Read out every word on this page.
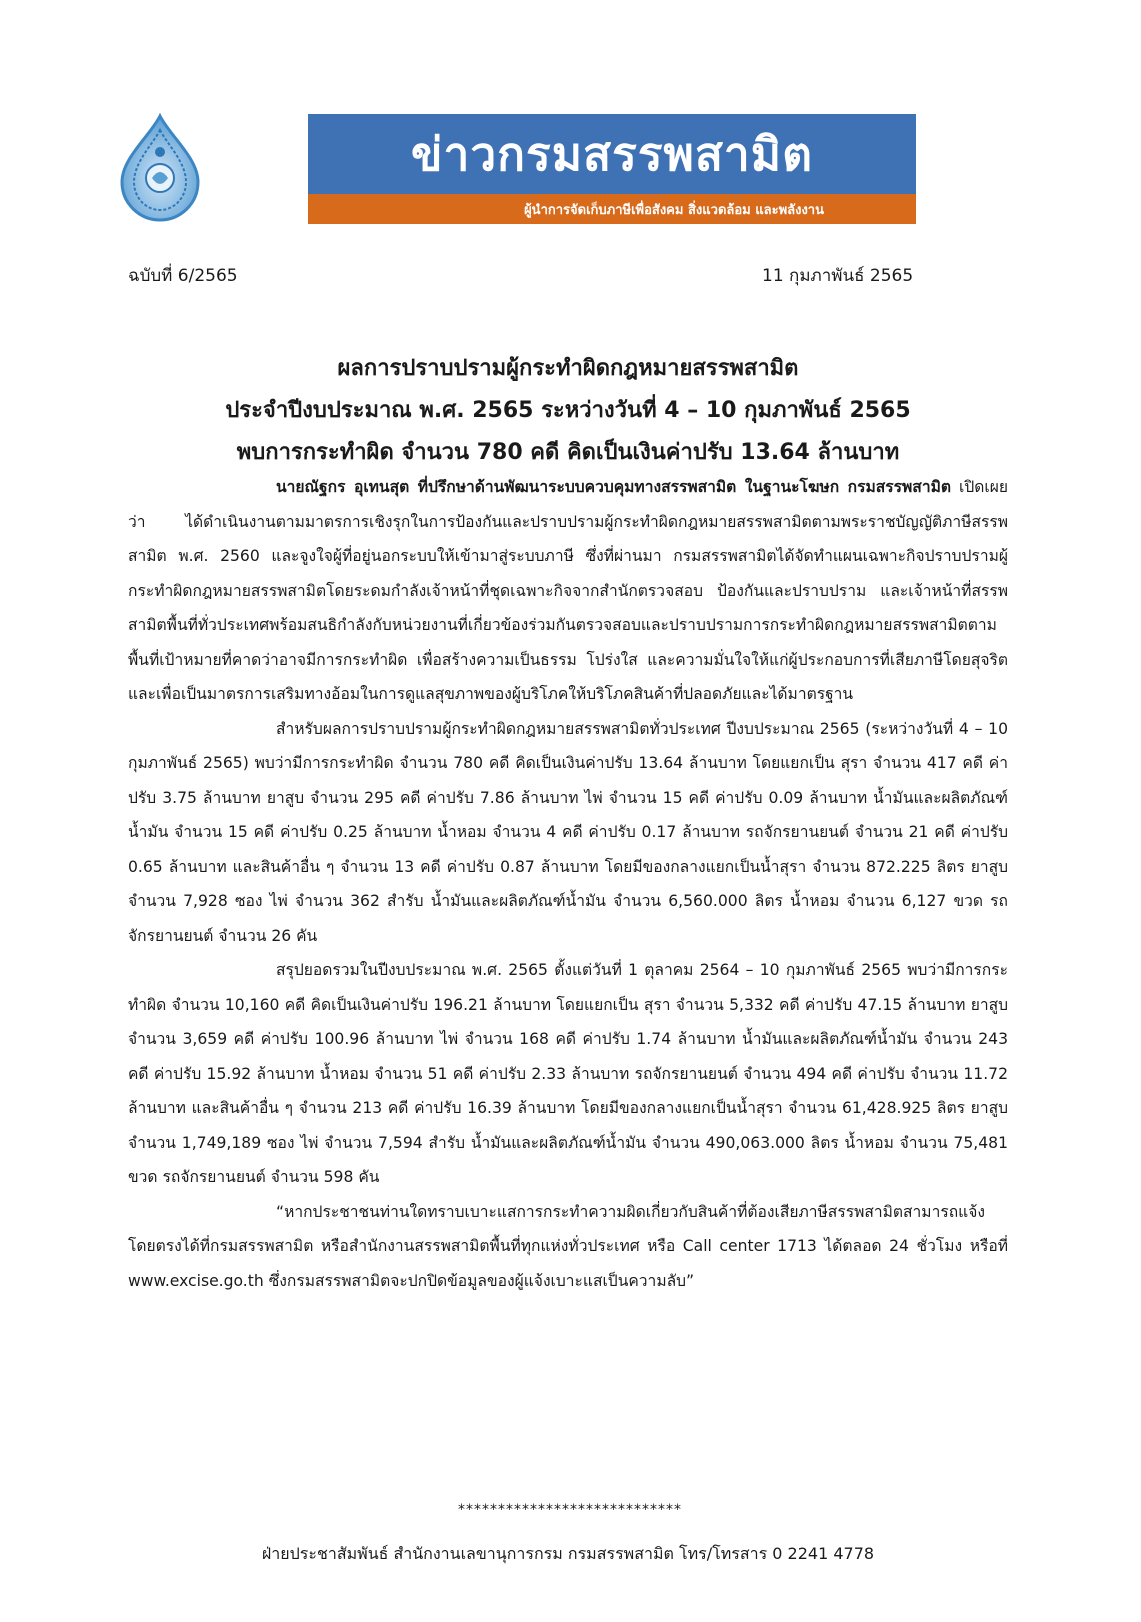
ข่าวกรมสรรพสามิต
ผู้นำการจัดเก็บภาษีเพื่อสังคม สิ่งแวดล้อม และพลังงาน
ฉบับที่ 6/2565	11 กุมภาพันธ์ 2565
ผลการปราบปรามผู้กระทำผิดกฎหมายสรรพสามิต
ประจำปีงบประมาณ พ.ศ. 2565 ระหว่างวันที่ 4 – 10 กุมภาพันธ์ 2565
พบการกระทำผิด จำนวน 780 คดี คิดเป็นเงินค่าปรับ 13.64 ล้านบาท

นายณัฐกร อุเทนสุต ที่ปรึกษาด้านพัฒนาระบบควบคุมทางสรรพสามิต ในฐานะโฆษก กรมสรรพสามิต เปิดเผยว่า ได้ดำเนินงานตามมาตรการเชิงรุกในการป้องกันและปราบปรามผู้กระทำผิดกฎหมายสรรพสามิตตามพระราชบัญญัติภาษีสรรพสามิต พ.ศ. 2560 และจูงใจผู้ที่อยู่นอกระบบให้เข้ามาสู่ระบบภาษี ซึ่งที่ผ่านมา กรมสรรพสามิตได้จัดทำแผนเฉพาะกิจปราบปรามผู้กระทำผิดกฎหมายสรรพสามิตโดยระดมกำลังเจ้าหน้าที่ชุดเฉพาะกิจจากสำนักตรวจสอบ ป้องกันและปราบปราม และเจ้าหน้าที่สรรพสามิตพื้นที่ทั่วประเทศพร้อมสนธิกำลังกับหน่วยงานที่เกี่ยวข้องร่วมกันตรวจสอบและปราบปรามการกระทำผิดกฎหมายสรรพสามิตตามพื้นที่เป้าหมายที่คาดว่าอาจมีการกระทำผิด เพื่อสร้างความเป็นธรรม โปร่งใส และความมั่นใจให้แก่ผู้ประกอบการที่เสียภาษีโดยสุจริต และเพื่อเป็นมาตรการเสริมทางอ้อมในการดูแลสุขภาพของผู้บริโภคให้บริโภคสินค้าที่ปลอดภัยและได้มาตรฐาน

สำหรับผลการปราบปรามผู้กระทำผิดกฎหมายสรรพสามิตทั่วประเทศ ปีงบประมาณ 2565 (ระหว่างวันที่ 4 – 10 กุมภาพันธ์ 2565) พบว่ามีการกระทำผิด จำนวน 780 คดี คิดเป็นเงินค่าปรับ 13.64 ล้านบาท โดยแยกเป็น สุรา จำนวน 417 คดี ค่าปรับ 3.75 ล้านบาท ยาสูบ จำนวน 295 คดี ค่าปรับ 7.86 ล้านบาท ไพ่ จำนวน 15 คดี ค่าปรับ 0.09 ล้านบาท น้ำมันและผลิตภัณฑ์น้ำมัน จำนวน 15 คดี ค่าปรับ 0.25 ล้านบาท น้ำหอม จำนวน 4 คดี ค่าปรับ 0.17 ล้านบาท รถจักรยานยนต์ จำนวน 21 คดี ค่าปรับ 0.65 ล้านบาท และสินค้าอื่น ๆ จำนวน 13 คดี ค่าปรับ 0.87 ล้านบาท โดยมีของกลางแยกเป็นน้ำสุรา จำนวน 872.225 ลิตร ยาสูบ จำนวน 7,928 ซอง ไพ่ จำนวน 362 สำรับ น้ำมันและผลิตภัณฑ์น้ำมัน จำนวน 6,560.000 ลิตร น้ำหอม จำนวน 6,127 ขวด รถจักรยานยนต์ จำนวน 26 คัน

สรุปยอดรวมในปีงบประมาณ พ.ศ. 2565 ตั้งแต่วันที่ 1 ตุลาคม 2564 – 10 กุมภาพันธ์ 2565 พบว่ามีการกระทำผิด จำนวน 10,160 คดี คิดเป็นเงินค่าปรับ 196.21 ล้านบาท โดยแยกเป็น สุรา จำนวน 5,332 คดี ค่าปรับ 47.15 ล้านบาท ยาสูบ จำนวน 3,659 คดี ค่าปรับ 100.96 ล้านบาท ไพ่ จำนวน 168 คดี ค่าปรับ 1.74 ล้านบาท น้ำมันและผลิตภัณฑ์น้ำมัน จำนวน 243 คดี ค่าปรับ 15.92 ล้านบาท น้ำหอม จำนวน 51 คดี ค่าปรับ 2.33 ล้านบาท รถจักรยานยนต์ จำนวน 494 คดี ค่าปรับ จำนวน 11.72 ล้านบาท และสินค้าอื่น ๆ จำนวน 213 คดี ค่าปรับ 16.39 ล้านบาท โดยมีของกลางแยกเป็นน้ำสุรา จำนวน 61,428.925 ลิตร ยาสูบ จำนวน 1,749,189 ซอง ไพ่ จำนวน 7,594 สำรับ น้ำมันและผลิตภัณฑ์น้ำมัน จำนวน 490,063.000 ลิตร น้ำหอม จำนวน 75,481 ขวด รถจักรยานยนต์ จำนวน 598 คัน

“หากประชาชนท่านใดทราบเบาะแสการกระทำความผิดเกี่ยวกับสินค้าที่ต้องเสียภาษีสรรพสามิตสามารถแจ้งโดยตรงได้ที่กรมสรรพสามิต หรือสำนักงานสรรพสามิตพื้นที่ทุกแห่งทั่วประเทศ หรือ Call center 1713 ได้ตลอด 24 ชั่วโมง หรือที่ www.excise.go.th ซึ่งกรมสรรพสามิตจะปกปิดข้อมูลของผู้แจ้งเบาะแสเป็นความลับ”

****************************
ฝ่ายประชาสัมพันธ์ สำนักงานเลขานุการกรม กรมสรรพสามิต โทร/โทรสาร 0 2241 4778
